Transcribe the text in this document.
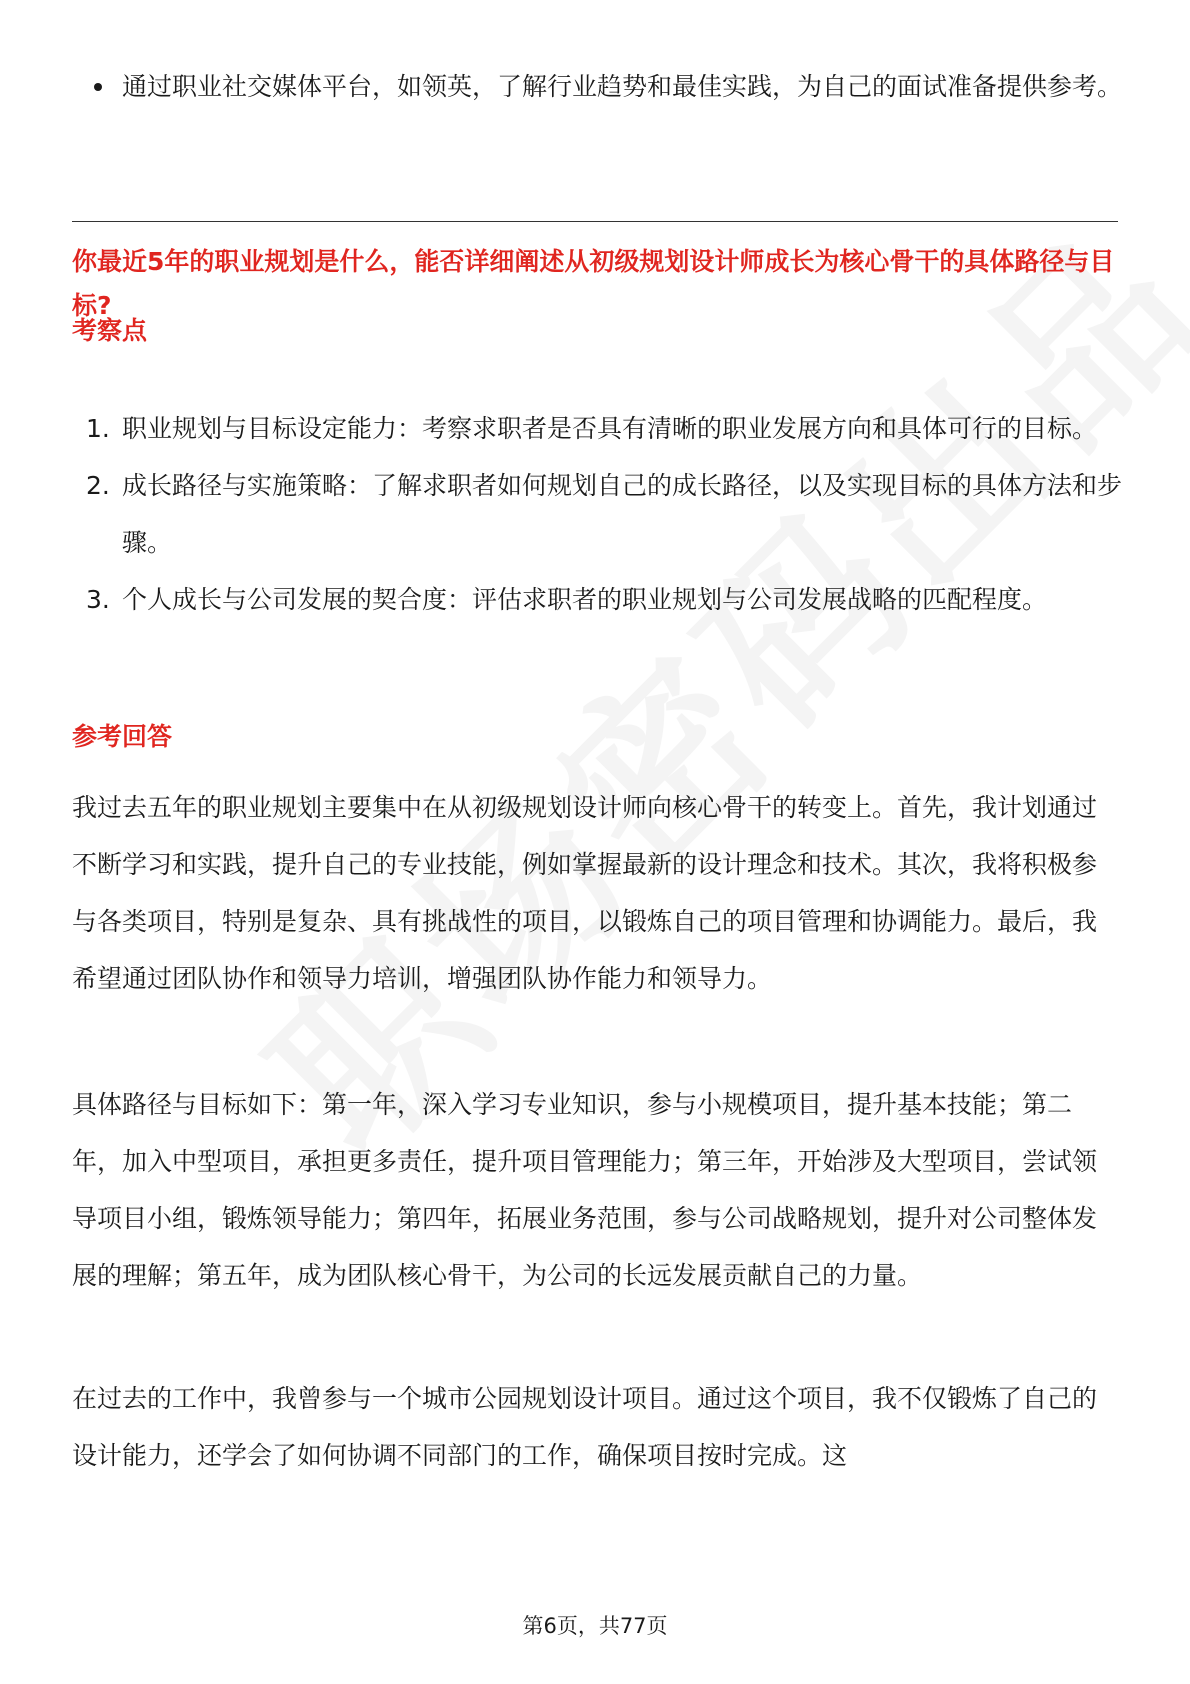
通过职业社交媒体平台，如领英，了解行业趋势和最佳实践，为自己的面试准备提供参考。
你最近5年的职业规划是什么，能否详细阐述从初级规划设计师成长为核心骨干的具体路径与目标?
考察点
1. 职业规划与目标设定能力：考察求职者是否具有清晰的职业发展方向和具体可行的目标。
2. 成长路径与实施策略：了解求职者如何规划自己的成长路径，以及实现目标的具体方法和步骤。
3. 个人成长与公司发展的契合度：评估求职者的职业规划与公司发展战略的匹配程度。
参考回答

我过去五年的职业规划主要集中在从初级规划设计师向核心骨干的转变上。首先，我计划通过不断学习和实践，提升自己的专业技能，例如掌握最新的设计理念和技术。其次，我将积极参与各类项目，特别是复杂、具有挑战性的项目，以锻炼自己的项目管理和协调能力。最后，我希望通过团队协作和领导力培训，增强团队协作能力和领导力。

具体路径与目标如下：第一年，深入学习专业知识，参与小规模项目，提升基本技能；第二年，加入中型项目，承担更多责任，提升项目管理能力；第三年，开始涉及大型项目，尝试领导项目小组，锻炼领导能力；第四年，拓展业务范围，参与公司战略规划，提升对公司整体发展的理解；第五年，成为团队核心骨干，为公司的长远发展贡献自己的力量。

在过去的工作中，我曾参与一个城市公园规划设计项目。通过这个项目，我不仅锻炼了自己的设计能力，还学会了如何协调不同部门的工作，确保项目按时完成。这

第6页，共77页
